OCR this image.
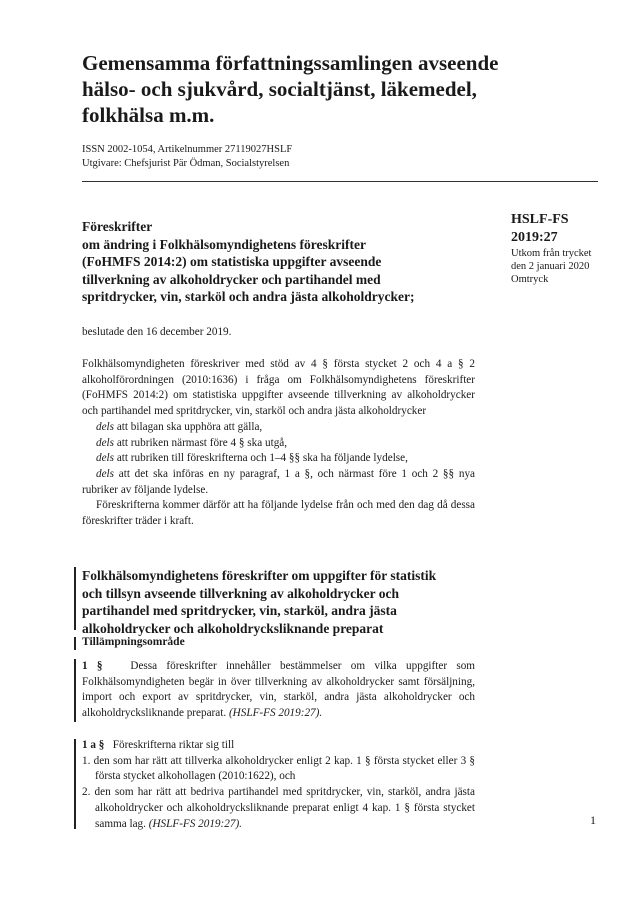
Gemensamma författningssamlingen avseende hälso- och sjukvård, socialtjänst, läkemedel, folkhälsa m.m.
ISSN 2002-1054, Artikelnummer 27119027HSLF
Utgivare: Chefsjurist Pär Ödman, Socialstyrelsen
HSLF-FS
2019:27
Utkom från trycket
den 2 januari 2020
Omtryck
Föreskrifter
om ändring i Folkhälsomyndighetens föreskrifter
(FoHMFS 2014:2) om statistiska uppgifter avseende
tillverkning av alkoholdrycker och partihandel med
spritdrycker, vin, starköl och andra jästa alkoholdrycker;
beslutade den 16 december 2019.

Folkhälsomyndigheten föreskriver med stöd av 4 § första stycket 2 och 4 a § 2 alkoholförordningen (2010:1636) i fråga om Folkhälsomyndighetens föreskrifter (FoHMFS 2014:2) om statistiska uppgifter avseende tillverkning av alkoholdrycker och partihandel med spritdrycker, vin, starköl och andra jästa alkoholdrycker

dels att bilagan ska upphöra att gälla,

dels att rubriken närmast före 4 § ska utgå,

dels att rubriken till föreskrifterna och 1–4 §§ ska ha följande lydelse,

dels att det ska införas en ny paragraf, 1 a §, och närmast före 1 och 2 §§ nya rubriker av följande lydelse.

Föreskrifterna kommer därför att ha följande lydelse från och med den dag då dessa föreskrifter träder i kraft.

Folkhälsomyndighetens föreskrifter om uppgifter för statistik
och tillsyn avseende tillverkning av alkoholdrycker och
partihandel med spritdrycker, vin, starköl, andra jästa
alkoholdrycker och alkoholdrycksliknande preparat
Tillämpningsområde

1 § Dessa föreskrifter innehåller bestämmelser om vilka uppgifter som Folkhälsomyndigheten begär in över tillverkning av alkoholdrycker samt försäljning, import och export av spritdrycker, vin, starköl, andra jästa alkoholdrycker och alkoholdrycksliknande preparat. (HSLF-FS 2019:27).

1 a § Föreskrifterna riktar sig till

1. den som har rätt att tillverka alkoholdrycker enligt 2 kap. 1 § första stycket eller 3 § första stycket alkohollagen (2010:1622), och
2. den som har rätt att bedriva partihandel med spritdrycker, vin, starköl, andra jästa alkoholdrycker och alkoholdrycksliknande preparat enligt 4 kap. 1 § första stycket samma lag. (HSLF-FS 2019:27).	1
